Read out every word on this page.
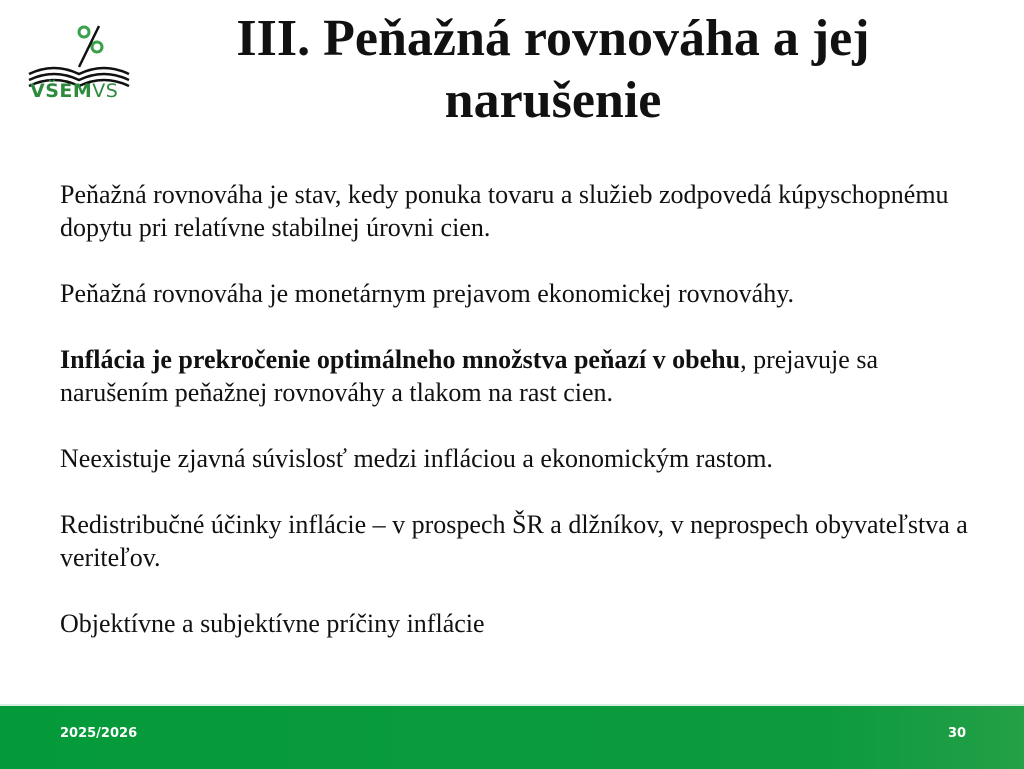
VŠEMVS
III. Peňažná rovnováha a jej
narušenie

Peňažná rovnováha je stav, kedy ponuka tovaru a služieb zodpovedá kúpyschopnému dopytu pri relatívne stabilnej úrovni cien.

Peňažná rovnováha je monetárnym prejavom ekonomickej rovnováhy.

Inflácia je prekročenie optimálneho množstva peňazí v obehu, prejavuje sa narušením peňažnej rovnováhy a tlakom na rast cien.

Neexistuje zjavná súvislosť medzi infláciou a ekonomickým rastom.

Redistribučné účinky inflácie – v prospech ŠR a dlžníkov, v neprospech obyvateľstva a veriteľov.

Objektívne a subjektívne príčiny inflácie

2025/2026	30
